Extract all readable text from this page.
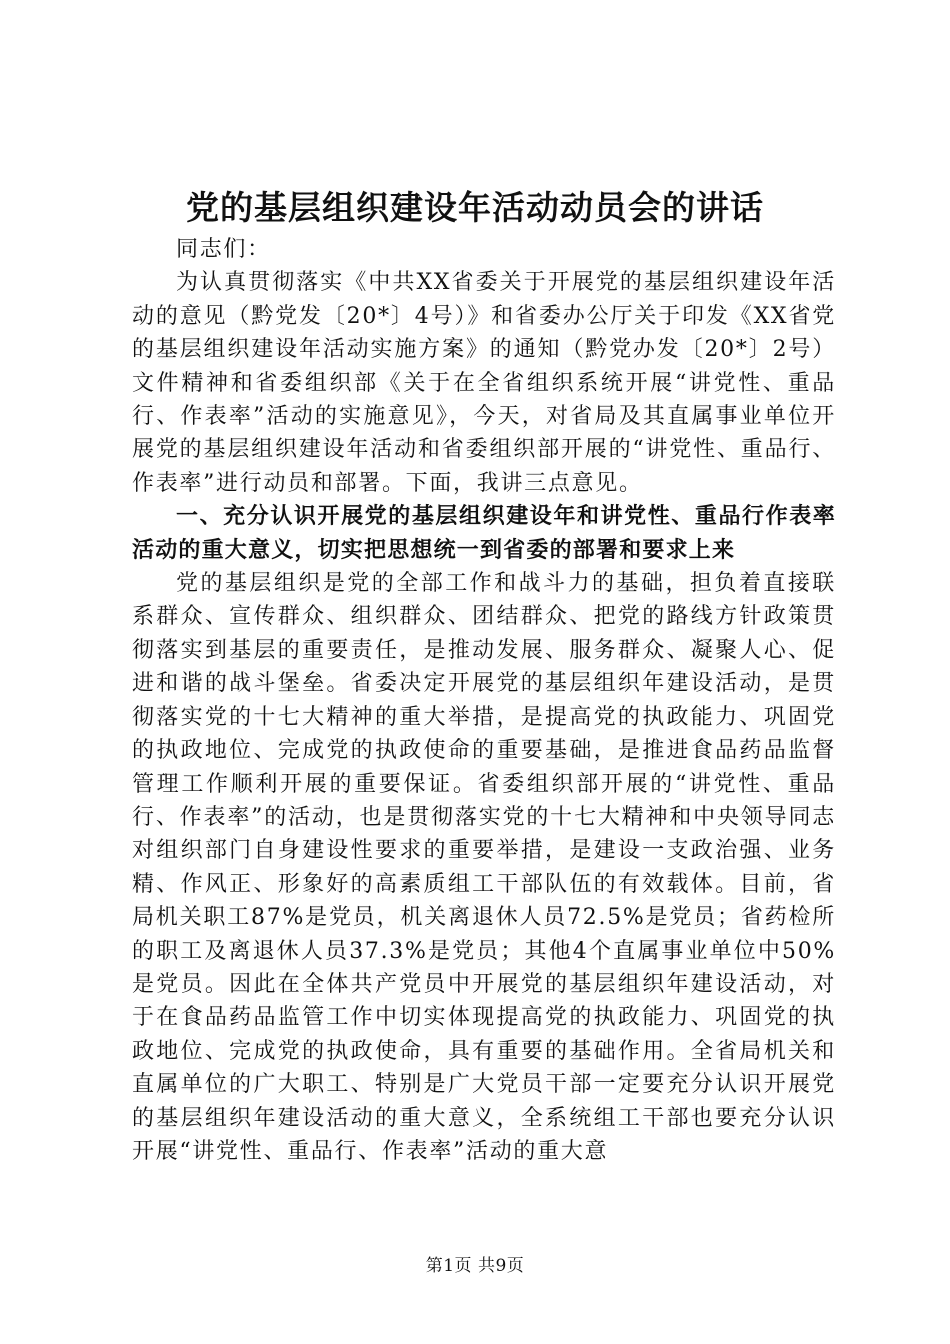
党的基层组织建设年活动动员会的讲话

同志们：

为认真贯彻落实《中共XX省委关于开展党的基层组织建设年活动的意见（黔党发〔20*〕4号）》和省委办公厅关于印发《XX省党的基层组织建设年活动实施方案》的通知（黔党办发〔20*〕2号）文件精神和省委组织部《关于在全省组织系统开展“讲党性、重品行、作表率”活动的实施意见》，今天，对省局及其直属事业单位开展党的基层组织建设年活动和省委组织部开展的“讲党性、重品行、作表率”进行动员和部署。下面，我讲三点意见。

一、充分认识开展党的基层组织建设年和讲党性、重品行作表率活动的重大意义，切实把思想统一到省委的部署和要求上来

党的基层组织是党的全部工作和战斗力的基础，担负着直接联系群众、宣传群众、组织群众、团结群众、把党的路线方针政策贯彻落实到基层的重要责任，是推动发展、服务群众、凝聚人心、促进和谐的战斗堡垒。省委决定开展党的基层组织年建设活动，是贯彻落实党的十七大精神的重大举措，是提高党的执政能力、巩固党的执政地位、完成党的执政使命的重要基础，是推进食品药品监督管理工作顺利开展的重要保证。省委组织部开展的“讲党性、重品行、作表率”的活动，也是贯彻落实党的十七大精神和中央领导同志对组织部门自身建设性要求的重要举措，是建设一支政治强、业务精、作风正、形象好的高素质组工干部队伍的有效载体。目前，省局机关职工87%是党员，机关离退休人员72.5%是党员；省药检所的职工及离退休人员37.3%是党员；其他4个直属事业单位中50%是党员。因此在全体共产党员中开展党的基层组织年建设活动，对于在食品药品监管工作中切实体现提高党的执政能力、巩固党的执政地位、完成党的执政使命，具有重要的基础作用。全省局机关和直属单位的广大职工、特别是广大党员干部一定要充分认识开展党的基层组织年建设活动的重大意义，全系统组工干部也要充分认识开展“讲党性、重品行、作表率”活动的重大意

第1页 共9页
